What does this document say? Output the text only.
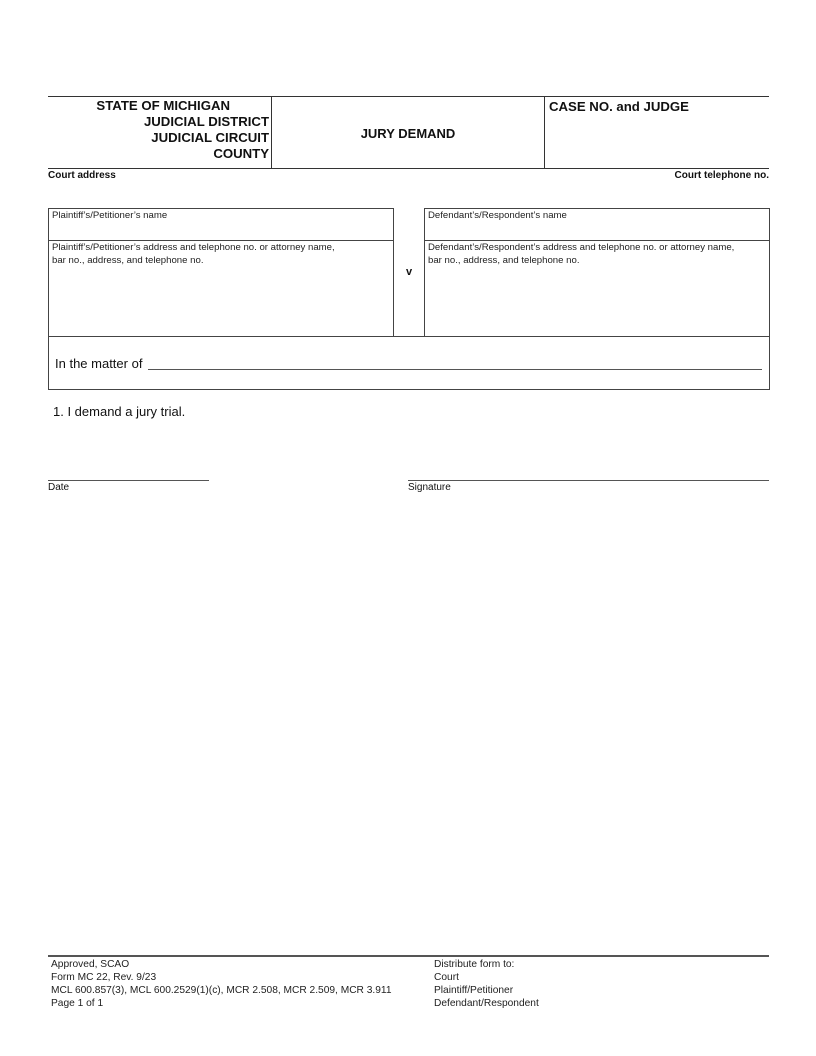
STATE OF MICHIGAN
JUDICIAL DISTRICT
JUDICIAL CIRCUIT
COUNTY
JURY DEMAND
CASE NO. and JUDGE
Court address	Court telephone no.
Plaintiff’s/Petitioner’s name
Plaintiff’s/Petitioner’s address and telephone no. or attorney name,
bar no., address, and telephone no.
v
Defendant’s/Respondent’s name
Defendant’s/Respondent’s address and telephone no. or attorney name,
bar no., address, and telephone no.
In the matter of
1. I demand a jury trial.
Date	Signature
Approved, SCAO
Form MC 22, Rev. 9/23
MCL 600.857(3), MCL 600.2529(1)(c), MCR 2.508, MCR 2.509, MCR 3.911
Page 1 of 1
Distribute form to:
Court
Plaintiff/Petitioner
Defendant/Respondent
